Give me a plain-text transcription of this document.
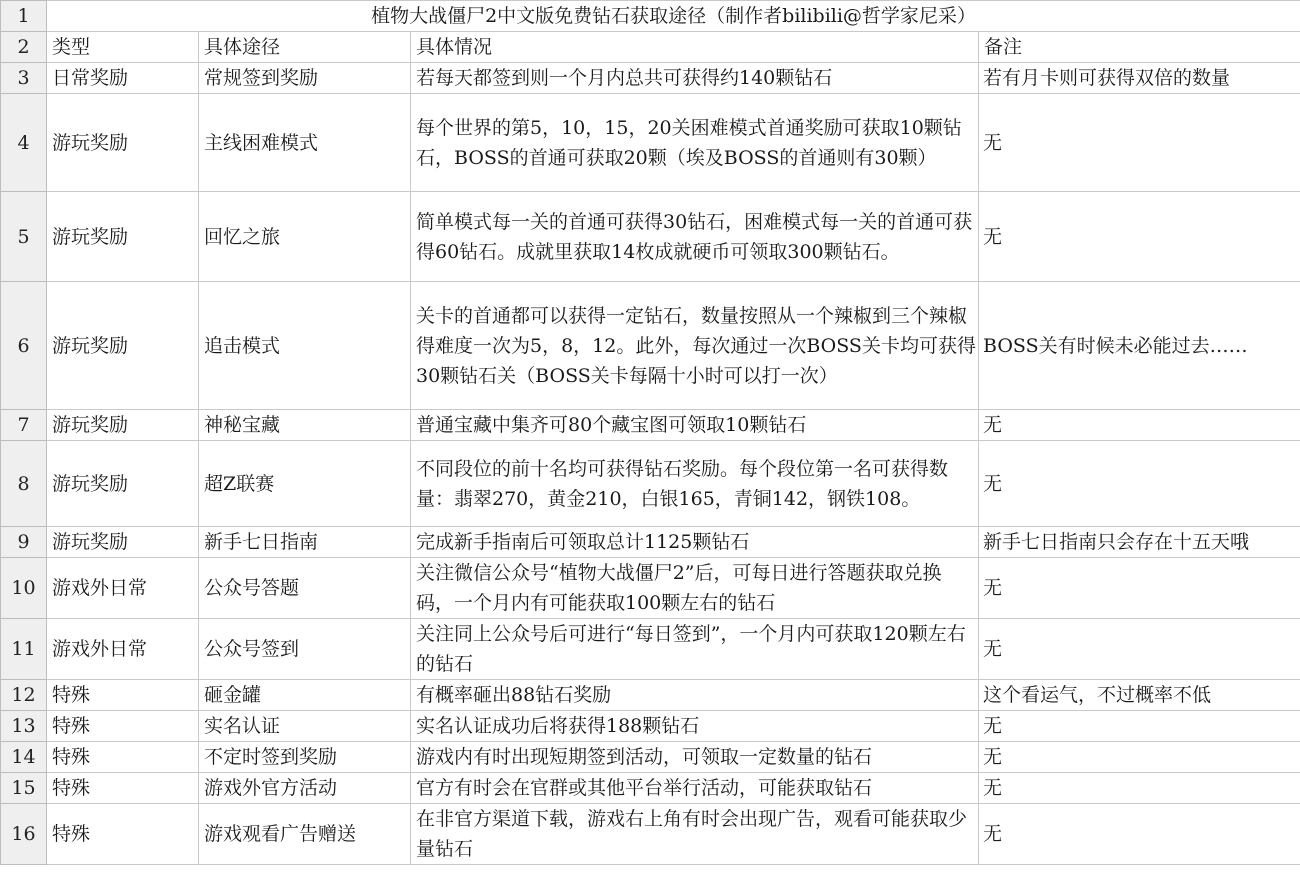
1	植物大战僵尸2中文版免费钻石获取途径（制作者bilibili@哲学家尼采）			
2	类型	具体途径	具体情况	备注
3	日常奖励	常规签到奖励	若每天都签到则一个月内总共可获得约140颗钻石	若有月卡则可获得双倍的数量
4	游玩奖励	主线困难模式	每个世界的第5，10，15，20关困难模式首通奖励可获取10颗钻石，BOSS的首通可获取20颗（埃及BOSS的首通则有30颗）	无
5	游玩奖励	回忆之旅	简单模式每一关的首通可获得30钻石，困难模式每一关的首通可获得60钻石。成就里获取14枚成就硬币可领取300颗钻石。	无
6	游玩奖励	追击模式	关卡的首通都可以获得一定钻石，数量按照从一个辣椒到三个辣椒得难度一次为5，8，12。此外，每次通过一次BOSS关卡均可获得30颗钻石关（BOSS关卡每隔十小时可以打一次）	BOSS关有时候未必能过去……
7	游玩奖励	神秘宝藏	普通宝藏中集齐可80个藏宝图可领取10颗钻石	无
8	游玩奖励	超Z联赛	不同段位的前十名均可获得钻石奖励。每个段位第一名可获得数量：翡翠270，黄金210，白银165，青铜142，钢铁108。	无
9	游玩奖励	新手七日指南	完成新手指南后可领取总计1125颗钻石	新手七日指南只会存在十五天哦
10	游戏外日常	公众号答题	关注微信公众号“植物大战僵尸2”后，可每日进行答题获取兑换码，一个月内有可能获取100颗左右的钻石	无
11	游戏外日常	公众号签到	关注同上公众号后可进行“每日签到”，一个月内可获取120颗左右的钻石	无
12	特殊	砸金罐	有概率砸出88钻石奖励	这个看运气，不过概率不低
13	特殊	实名认证	实名认证成功后将获得188颗钻石	无
14	特殊	不定时签到奖励	游戏内有时出现短期签到活动，可领取一定数量的钻石	无
15	特殊	游戏外官方活动	官方有时会在官群或其他平台举行活动，可能获取钻石	无
16	特殊	游戏观看广告赠送	在非官方渠道下载，游戏右上角有时会出现广告，观看可能获取少量钻石	无
